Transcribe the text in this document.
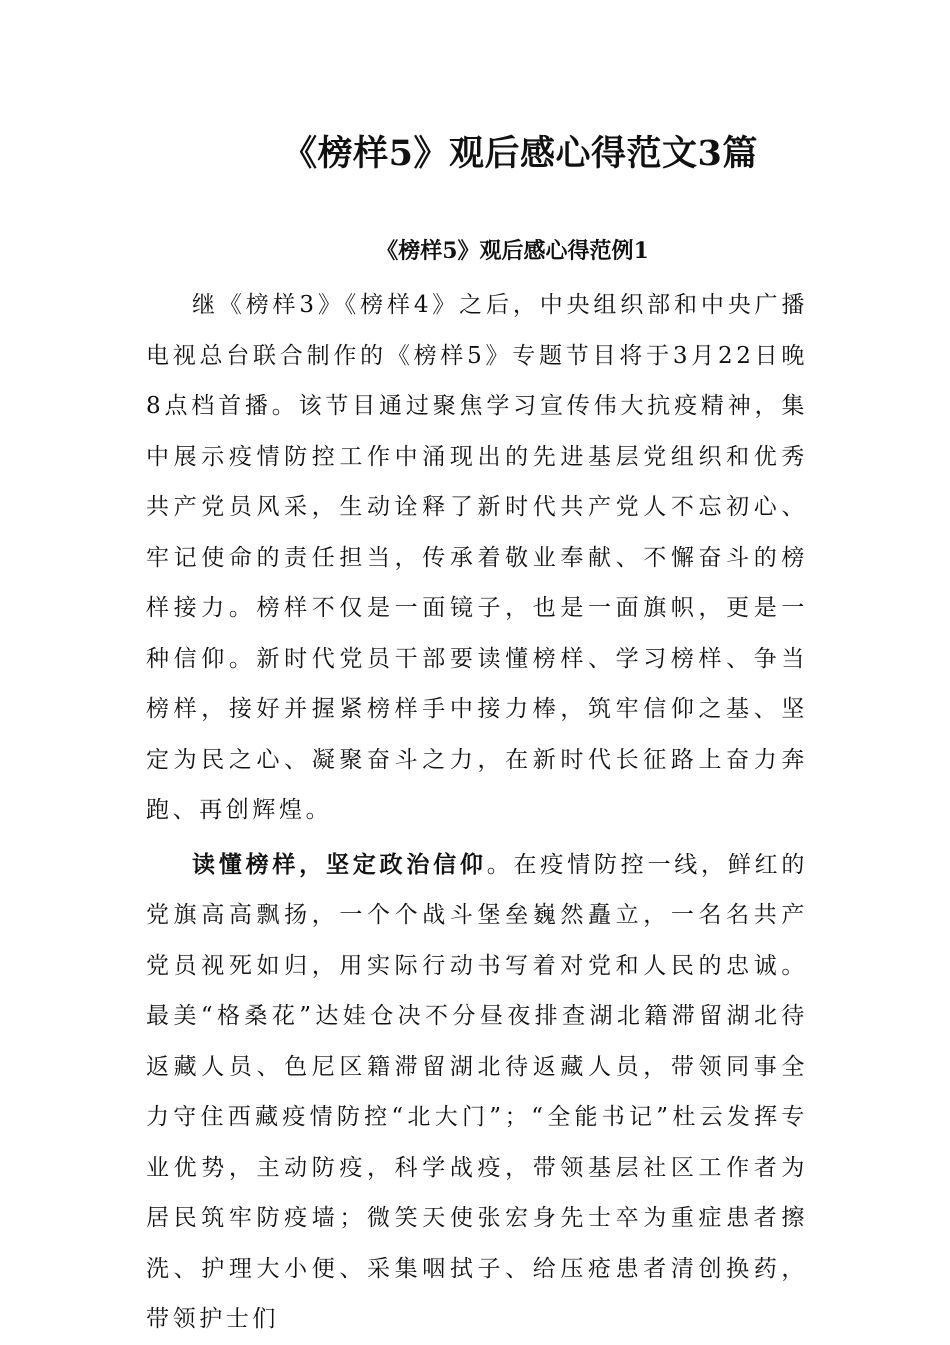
《榜样5》观后感心得范文3篇
《榜样5》观后感心得范例1

继《榜样3》《榜样4》之后，中央组织部和中央广播电视总台联合制作的《榜样5》专题节目将于3月22日晚8点档首播。该节目通过聚焦学习宣传伟大抗疫精神，集中展示疫情防控工作中涌现出的先进基层党组织和优秀共产党员风采，生动诠释了新时代共产党人不忘初心、牢记使命的责任担当，传承着敬业奉献、不懈奋斗的榜样接力。榜样不仅是一面镜子，也是一面旗帜，更是一种信仰。新时代党员干部要读懂榜样、学习榜样、争当榜样，接好并握紧榜样手中接力棒，筑牢信仰之基、坚定为民之心、凝聚奋斗之力，在新时代长征路上奋力奔跑、再创辉煌。

读懂榜样，坚定政治信仰。在疫情防控一线，鲜红的党旗高高飘扬，一个个战斗堡垒巍然矗立，一名名共产党员视死如归，用实际行动书写着对党和人民的忠诚。最美“格桑花”达娃仓决不分昼夜排查湖北籍滞留湖北待返藏人员、色尼区籍滞留湖北待返藏人员，带领同事全力守住西藏疫情防控“北大门”；“全能书记”杜云发挥专业优势，主动防疫，科学战疫，带领基层社区工作者为居民筑牢防疫墙；微笑天使张宏身先士卒为重症患者擦洗、护理大小便、采集咽拭子、给压疮患者清创换药，带领护士们
